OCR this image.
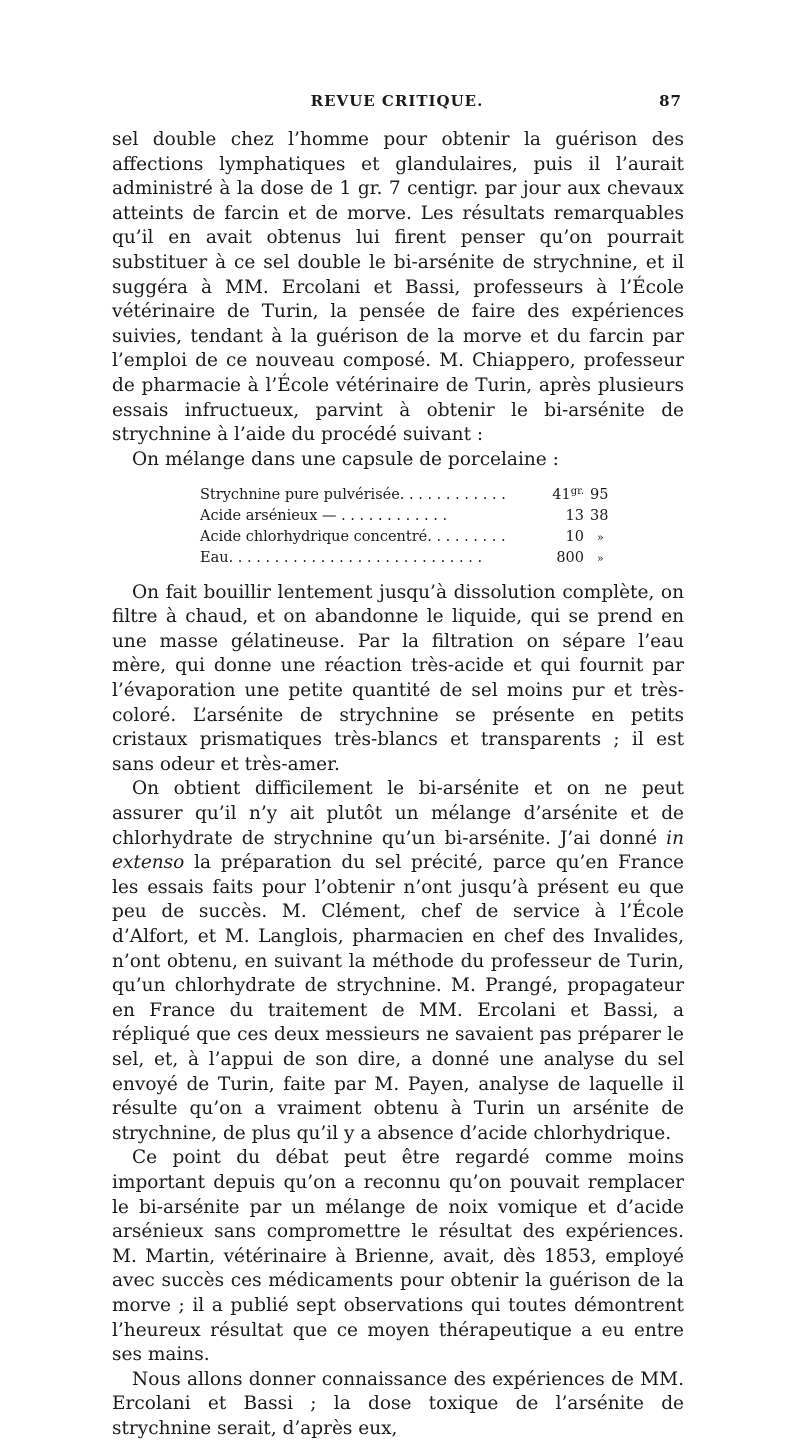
REVUE CRITIQUE.	87

sel double chez l’homme pour obtenir la guérison des affections lymphatiques et glandulaires, puis il l’aurait administré à la dose de 1 gr. 7 centigr. par jour aux chevaux atteints de farcin et de morve. Les résultats remarquables qu’il en avait obtenus lui firent penser qu’on pourrait substituer à ce sel double le bi-arsénite de strychnine, et il suggéra à MM. Ercolani et Bassi, professeurs à l’École vétérinaire de Turin, la pensée de faire des expériences suivies, tendant à la guérison de la morve et du farcin par l’emploi de ce nouveau composé. M. Chiappero, professeur de pharmacie à l’École vétérinaire de Turin, après plusieurs essais infructueux, parvint à obtenir le bi-arsénite de strychnine à l’aide du procédé suivant :

On mélange dans une capsule de porcelaine :

Strychnine pure pulvérisée. . . . . . . . . . . .	$41^{gr.}$	95
Acide arsénieux — . . . . . . . . . . . .	13	38
Acide chlorhydrique concentré. . . . . . . . .	10	»
Eau. . . . . . . . . . . . . . . . . . . . . . . . . . . .	800	»

On fait bouillir lentement jusqu’à dissolution complète, on filtre à chaud, et on abandonne le liquide, qui se prend en une masse gélatineuse. Par la filtration on sépare l’eau mère, qui donne une réaction très-acide et qui fournit par l’évaporation une petite quantité de sel moins pur et très-coloré. L’arsénite de strychnine se présente en petits cristaux prismatiques très-blancs et transparents ; il est sans odeur et très-amer.

On obtient difficilement le bi-arsénite et on ne peut assurer qu’il n’y ait plutôt un mélange d’arsénite et de chlorhydrate de strychnine qu’un bi-arsénite. J’ai donné in extenso la préparation du sel précité, parce qu’en France les essais faits pour l’obtenir n’ont jusqu’à présent eu que peu de succès. M. Clément, chef de service à l’École d’Alfort, et M. Langlois, pharmacien en chef des Invalides, n’ont obtenu, en suivant la méthode du professeur de Turin, qu’un chlorhydrate de strychnine. M. Prangé, propagateur en France du traitement de MM. Ercolani et Bassi, a répliqué que ces deux messieurs ne savaient pas préparer le sel, et, à l’appui de son dire, a donné une analyse du sel envoyé de Turin, faite par M. Payen, analyse de laquelle il résulte qu’on a vraiment obtenu à Turin un arsénite de strychnine, de plus qu’il y a absence d’acide chlorhydrique.

Ce point du débat peut être regardé comme moins important depuis qu’on a reconnu qu’on pouvait remplacer le bi-arsénite par un mélange de noix vomique et d’acide arsénieux sans compromettre le résultat des expériences. M. Martin, vétérinaire à Brienne, avait, dès 1853, employé avec succès ces médicaments pour obtenir la guérison de la morve ; il a publié sept observations qui toutes démontrent l’heureux résultat que ce moyen thérapeutique a eu entre ses mains.

Nous allons donner connaissance des expériences de MM. Ercolani et Bassi ; la dose toxique de l’arsénite de strychnine serait, d’après eux,
